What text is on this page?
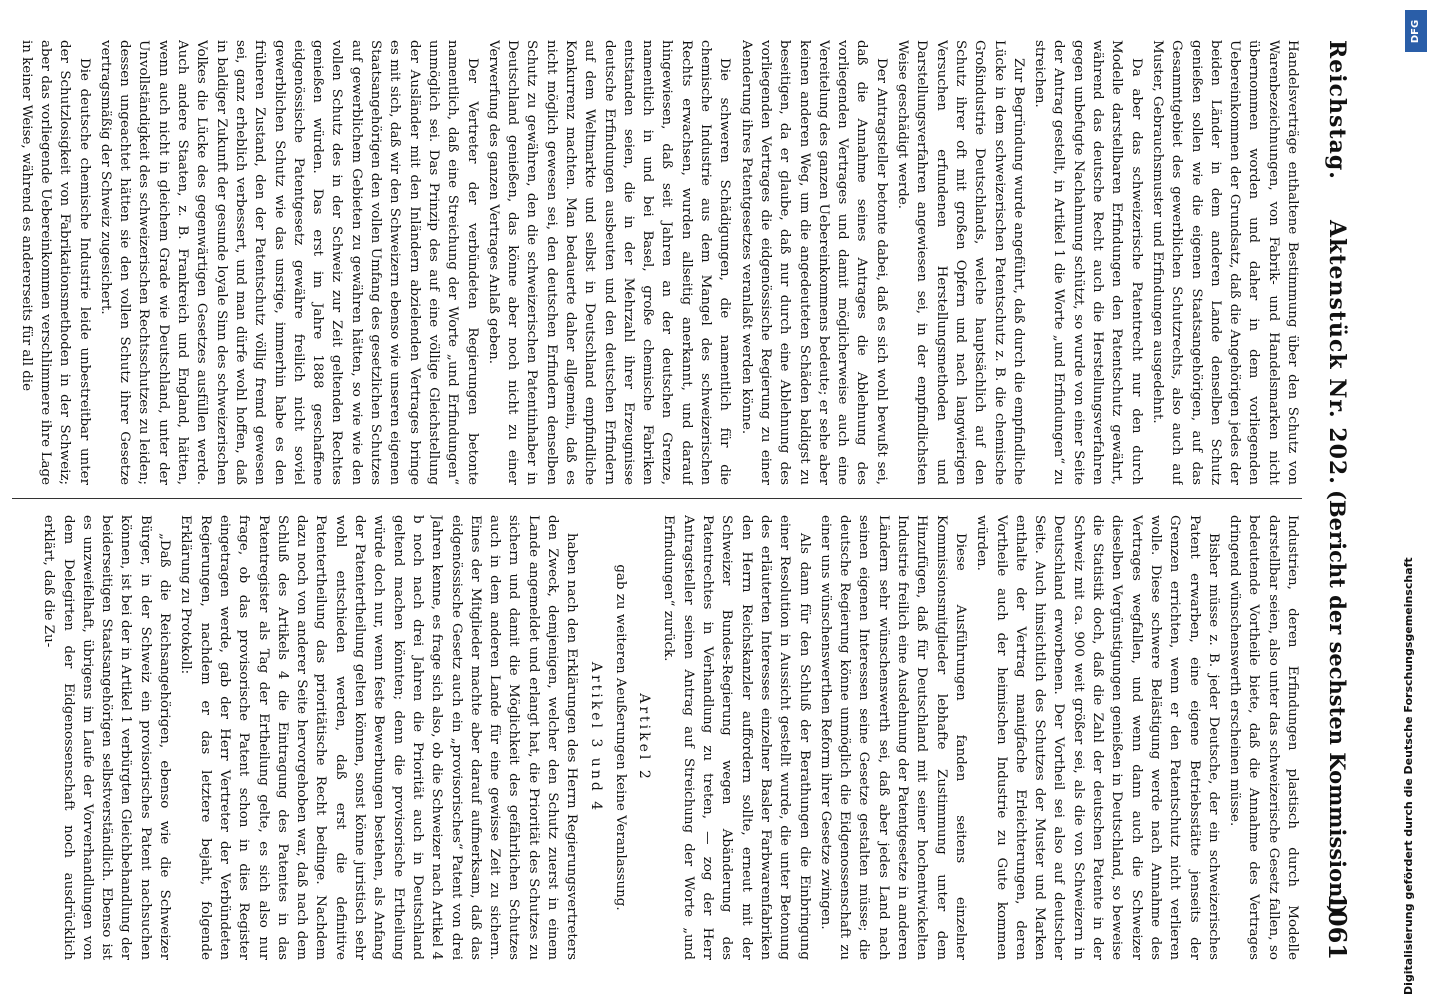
Reichstag.
Aktenstück Nr. 202.
(Bericht der sechsten Kommission.)
1061

Handelsverträge enthaltene Bestimmung über den Schutz von Warenbezeichnungen, von Fabrik- und Handelsmarken nicht übernommen worden und daher in dem vorliegenden Uebereinkommen der Grundsatz, daß die Angehörigen jedes der beiden Länder in dem anderen Lande denselben Schutz genießen sollen wie die eigenen Staatsangehörigen, auf das Gesammtgebiet des gewerblichen Schutzrechts, also auch auf Muster, Gebrauchsmuster und Erfindungen ausgedehnt.

Da aber das schweizerische Patentrecht nur den durch Modelle darstellbaren Erfindungen den Patentschutz gewährt, während das deutsche Recht auch die Herstellungsverfahren gegen unbefugte Nachahmung schützt, so wurde von einer Seite der Antrag gestellt, in Artikel 1 die Worte „und Erfindungen“ zu streichen.

Zur Begründung wurde angeführt, daß durch die empfindliche Lücke in dem schweizerischen Patentschutz z. B. die chemische Großindustrie Deutschlands, welche hauptsächlich auf den Schutz ihrer oft mit großen Opfern und nach langwierigen Versuchen erfundenen Herstellungsmethoden und Darstellungsverfahren angewiesen sei, in der empfindlichsten Weise geschädigt werde.

Der Antragsteller betonte dabei, daß es sich wohl bewußt sei, daß die Annahme seines Antrages die Ablehnung des vorliegenden Vertrages und damit möglicherweise auch eine Vereitelung des ganzen Uebereinkommens bedeute; er sehe aber keinen anderen Weg, um die angedeuteten Schäden baldigst zu beseitigen, da er glaube, daß nur durch eine Ablehnung des vorliegenden Vertrages die eidgenössische Regierung zu einer Aenderung ihres Patentgesetzes veranlaßt werden könne.

Die schweren Schädigungen, die namentlich für die chemische Industrie aus dem Mangel des schweizerischen Rechts erwachsen, wurden allseitig anerkannt, und darauf hingewiesen, daß seit Jahren an der deutschen Grenze, namentlich in und bei Basel, große chemische Fabriken entstanden seien, die in der Mehrzahl ihrer Erzeugnisse deutsche Erfindungen ausbeuten und den deutschen Erfindern auf dem Weltmarkte und selbst in Deutschland empfindliche Konkurrenz machten. Man bedauerte daher allgemein, daß es nicht möglich gewesen sei, den deutschen Erfindern denselben Schutz zu gewähren, den die schweizerischen Patentinhaber in Deutschland genießen, das könne aber noch nicht zu einer Verwerfung des ganzen Vertrages Anlaß geben.

Der Vertreter der verbündeten Regierungen betonte namentlich, daß eine Streichung der Worte „und Erfindungen“ unmöglich sei. Das Prinzip des auf eine völlige Gleichstellung der Ausländer mit den Inländern abzielenden Vertrages bringe es mit sich, daß wir den Schweizern ebenso wie unseren eigenen Staatsangehörigen den vollen Umfang des gesetzlichen Schutzes auf gewerblichem Gebieten zu gewähren hätten, so wie wie den vollen Schutz des in der Schweiz zur Zeit geltenden Rechtes genießen würden. Das erst im Jahre 1888 geschaffene eidgenössische Patentgesetz gewähre freilich nicht soviel gewerblichen Schutz wie das unsrige, immerhin habe es den früheren Zustand, den der Patentschutz völlig fremd gewesen sei, ganz erheblich verbessert, und man dürfe wohl hoffen, daß in baldiger Zukunft der gesunde loyale Sinn des schweizerischen Volkes die Lücke des gegenwärtigen Gesetzes ausfüllen werde. Auch andere Staaten, z. B. Frankreich und England, hätten, wenn auch nicht in gleichem Grade wie Deutschland, unter der Unvollständigkeit des schweizerischen Rechtsschutzes zu leiden; dessen ungeachtet hätten sie den vollen Schutz ihrer Gesetze vertragsmäßig der Schweiz zugesichert.

Die deutsche chemische Industrie leide unbestreitbar unter der Schutzlosigkeit von Fabrikationsmethoden in der Schweiz; aber das vorliegende Uebereinkommen verschlimmere ihre Lage in keiner Weise, während es andererseits für all die

Industrien, deren Erfindungen plastisch durch Modelle darstellbar seien, also unter das schweizerische Gesetz fallen, so bedeutende Vortheile biete, daß die Annahme des Vertrages dringend wünschenswerth erscheinen müsse.

Bisher müsse z. B. jeder Deutsche, der ein schweizerisches Patent erwarben, eine eigene Betriebsstätte jenseits der Grenzen errichten, wenn er den Patentschutz nicht verlieren wolle. Diese schwere Belästigung werde nach Annahme des Vertrages wegfallen, und wenn dann auch die Schweizer dieselben Vergünstigungen genießen in Deutschland, so beweise die Statistik doch, daß die Zahl der deutschen Patente in der Schweiz mit ca. 900 weit größer sei, als die von Schweizern in Deutschland erworbenen. Der Vortheil sei also auf deutscher Seite. Auch hinsichtlich des Schutzes der Muster und Marken enthalte der Vertrag manigfache Erleichterungen, deren Vortheile auch der heimischen Industrie zu Gute kommen würden.

Diese Ausführungen fanden seitens einzelner Kommissionsmitglieder lebhafte Zustimmung unter dem Hinzufügen, daß für Deutschland mit seiner hochentwickelten Industrie freilich eine Ausdehnung der Patentgesetze in anderen Ländern sehr wünschenswerth sei, daß aber jedes Land nach seinen eigenen Interessen seine Gesetze gestalten müsse; die deutsche Regierung könne unmöglich die Eidgenossenschaft zu einer uns wünschenswerthen Reform ihrer Gesetze zwingen.

Als dann für den Schluß der Berathungen die Einbringung einer Resolution in Aussicht gestellt wurde, die unter Betonung des erläuterten Interesses einzelner Basler Farbwarenfabriken den Herrn Reichskanzler auffordern sollte, erneut mit der Schweizer Bundes-Regierung wegen Abänderung des Patentrechtes in Verhandlung zu treten, — zog der Herr Antragsteller seinen Antrag auf Streichung der Worte „und Erfindungen“ zurück.

Artikel 2

gab zu weiteren Aeußerungen keine Veranlassung.

Artikel 3 und 4

haben nach den Erklärungen des Herrn Regierungsvertreters den Zweck, demjenigen, welcher den Schutz zuerst in einem Lande angemeldet und erlangt hat, die Priorität des Schutzes zu sichern und damit die Möglichkeit des gefährlichen Schutzes auch in dem anderen Lande für eine gewisse Zeit zu sichern. Eines der Mitglieder machte aber darauf aufmerksam, daß das eidgenössische Gesetz auch ein „provisorisches“ Patent von drei Jahren kenne, es frage sich also, ob die Schweizer nach Artikel 4 b noch nach drei Jahren die Priorität auch in Deutschland geltend machen könnten; denn die provisorische Ertheilung würde doch nur, wenn feste Bewerbungen bestehen, als Anfang der Patentertheilung gelten können, sonst könne juristisch sehr wohl entschieden werden, daß erst die definitive Patentertheilung das prioritätische Recht bedinge. Nachdem dazu noch von anderer Seite hervorgehoben war, daß nach dem Schluß des Artikels 4 die Eintragung des Patentes in das Patentregister als Tag der Ertheilung gelte, es sich also nur frage, ob das provisorische Patent schon in dies Register eingetragen werde, gab der Herr Vertreter der Verbündeten Regierungen, nachdem er das letztere bejaht, folgende Erklärung zu Protokoll:

„Daß die Reichsangehörigen, ebenso wie die Schweizer Bürger, in der Schweiz ein provisorisches Patent nachsuchen können, ist bei der in Artikel 1 verbürgten Gleichbehandlung der beiderseitigen Staatsangehörigen selbstverständlich. Ebenso ist es unzweifelhaft, übrigens im Laufe der Vorverhandlungen von dem Delegirten der Eidgenossenschaft noch ausdrücklich erklärt, daß die Zu-	Digitalisierung gefördert durch die Deutsche Forschungsgemeinschaft
DFG
